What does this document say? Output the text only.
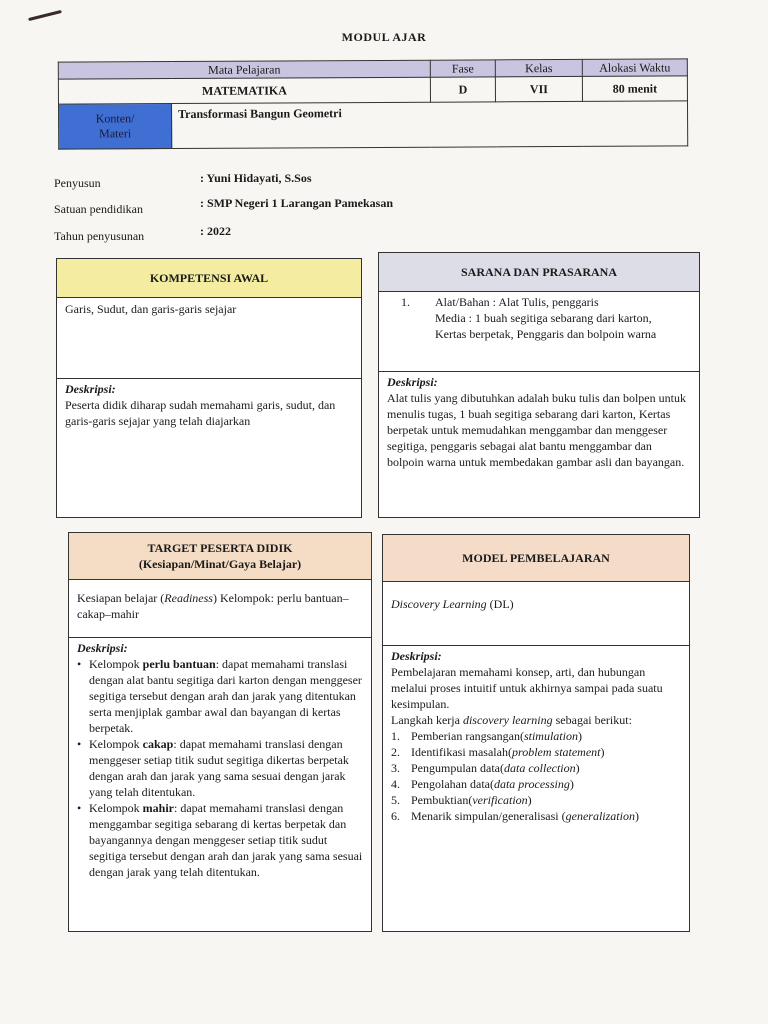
MODUL AJAR
Mata Pelajaran		Fase	Kelas	Alokasi Waktu
MATEMATIKA		D	VII	80 menit
Konten/
Materi	Transformasi Bangun Geometri			
Penyusun	: Yuni Hidayati, S.Sos
Satuan pendidikan	: SMP Negeri 1 Larangan Pamekasan
Tahun penyusunan	: 2022
KOMPETENSI AWAL
Garis, Sudut, dan garis-garis sejajar
Deskripsi:
Peserta didik diharap sudah memahami garis, sudut, dan garis-garis sejajar yang telah diajarkan
SARANA DAN PRASARANA
1.	Alat/Bahan : Alat Tulis, penggaris
Media : 1 buah segitiga sebarang dari karton,
Kertas berpetak, Penggaris dan bolpoin warna
Deskripsi:
Alat tulis yang dibutuhkan adalah buku tulis dan bolpen untuk menulis tugas, 1 buah segitiga sebarang dari karton, Kertas berpetak untuk memudahkan menggambar dan menggeser segitiga, penggaris sebagai alat bantu menggambar dan bolpoin warna untuk membedakan gambar asli dan bayangan.
TARGET PESERTA DIDIK
(Kesiapan/Minat/Gaya Belajar)
Kesiapan belajar (Readiness) Kelompok: perlu bantuan–cakap–mahir
Deskripsi:
• Kelompok perlu bantuan: dapat memahami translasi dengan alat bantu segitiga dari karton dengan menggeser segitiga tersebut dengan arah dan jarak yang ditentukan serta menjiplak gambar awal dan bayangan di kertas berpetak.
• Kelompok cakap: dapat memahami translasi dengan menggeser setiap titik sudut segitiga dikertas berpetak dengan arah dan jarak yang sama sesuai dengan jarak yang telah ditentukan.
• Kelompok mahir: dapat memahami translasi dengan menggambar segitiga sebarang di kertas berpetak dan bayangannya dengan menggeser setiap titik sudut segitiga tersebut dengan arah dan jarak yang sama sesuai dengan jarak yang telah ditentukan.
MODEL PEMBELAJARAN
Discovery Learning (DL)
Deskripsi:
Pembelajaran memahami konsep, arti, dan hubungan melalui proses intuitif untuk akhirnya sampai pada suatu kesimpulan.
Langkah kerja discovery learning sebagai berikut:
1. Pemberian rangsangan(stimulation)
2. Identifikasi masalah(problem statement)
3. Pengumpulan data(data collection)
4. Pengolahan data(data processing)
5. Pembuktian(verification)
6. Menarik simpulan/generalisasi (generalization)
